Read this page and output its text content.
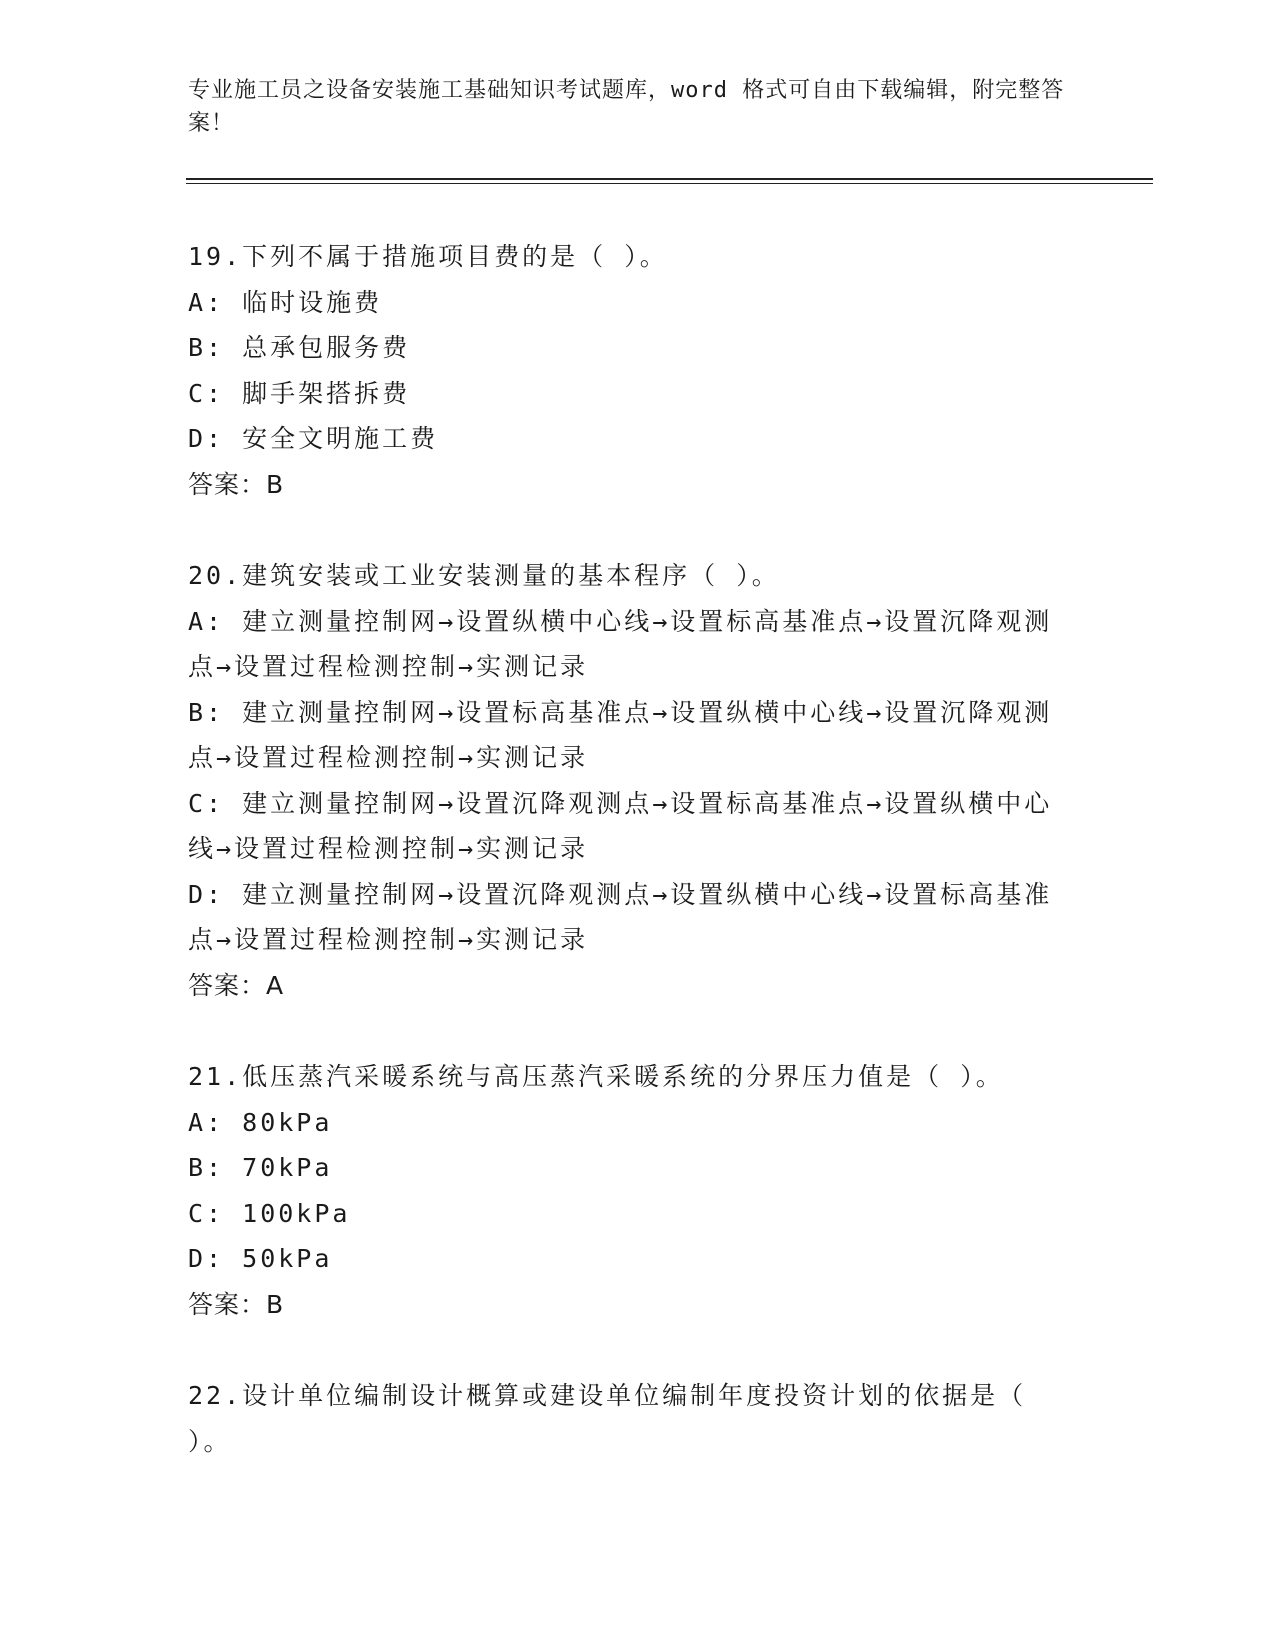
专业施工员之设备安装施工基础知识考试题库，word 格式可自由下载编辑，附完整答案！
19.下列不属于措施项目费的是（ ）。
A: 临时设施费
B: 总承包服务费
C: 脚手架搭拆费
D: 安全文明施工费
答案：B
20.建筑安装或工业安装测量的基本程序（ ）。
A: 建立测量控制网→设置纵横中心线→设置标高基准点→设置沉降观测点→设置过程检测控制→实测记录
B: 建立测量控制网→设置标高基准点→设置纵横中心线→设置沉降观测点→设置过程检测控制→实测记录
C: 建立测量控制网→设置沉降观测点→设置标高基准点→设置纵横中心线→设置过程检测控制→实测记录
D: 建立测量控制网→设置沉降观测点→设置纵横中心线→设置标高基准点→设置过程检测控制→实测记录
答案：A
21.低压蒸汽采暖系统与高压蒸汽采暖系统的分界压力值是（ ）。
A: 80kPa
B: 70kPa
C: 100kPa
D: 50kPa
答案：B
22.设计单位编制设计概算或建设单位编制年度投资计划的依据是（ ）。
